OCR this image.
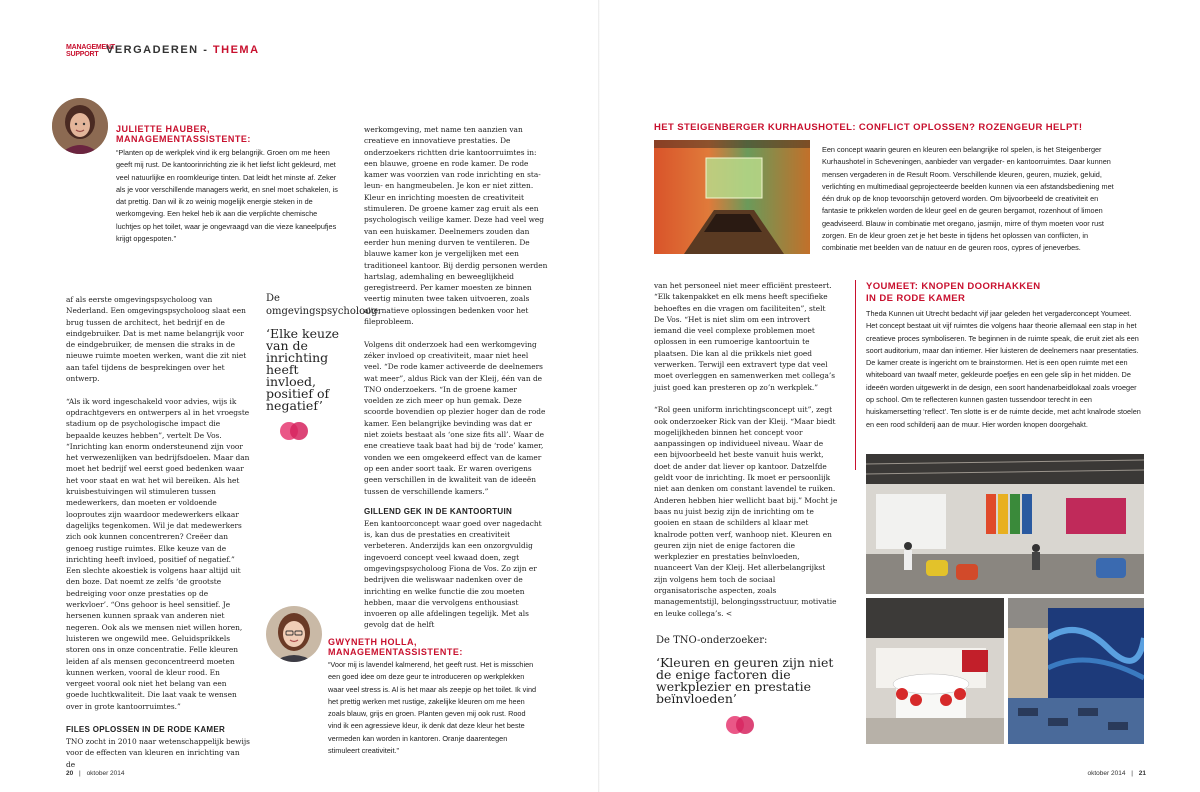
MANAGEMENT
SUPPORT VERGADEREN - THEMA
JULIETTE HAUBER, MANAGEMENTASSISTENTE:
“Planten op de werkplek vind ik erg belangrijk. Groen om me heen geeft mij rust. De kantoorinrichting zie ik het liefst licht gekleurd, met veel natuurlijke en roomkleurige tinten. Dat leidt het minste af. Zeker als je voor verschillende managers werkt, en snel moet schakelen, is dat prettig. Dan wil ik zo weinig mogelijk energie steken in de werkomgeving. Een hekel heb ik aan die verplichte chemische luchtjes op het toilet, waar je ongevraagd van die vieze kaneelpufjes krijgt opgespoten.”
af als eerste omgevingspsycholoog van Nederland. Een omgevingspsycholoog slaat een brug tussen de architect, het bedrijf en de eindgebruiker. Dat is met name belangrijk voor de eindgebruiker, de mensen die straks in de nieuwe ruimte moeten werken, want die zit niet aan tafel tijdens de besprekingen over het ontwerp.

“Als ik word ingeschakeld voor advies, wijs ik opdrachtgevers en ontwerpers al in het vroegste stadium op de psychologische impact die bepaalde keuzes hebben”, vertelt De Vos. “Inrichting kan enorm ondersteunend zijn voor het verwezenlijken van bedrijfsdoelen. Maar dan moet het bedrijf wel eerst goed bedenken waar het voor staat en wat het wil bereiken. Als het kruisbestuivingen wil stimuleren tussen medewerkers, dan moeten er voldoende looproutes zijn waardoor medewerkers elkaar dagelijks tegenkomen. Wil je dat medewerkers zich ook kunnen concentreren? Creëer dan genoeg rustige ruimtes. Elke keuze van de inrichting heeft invloed, positief of negatief.” Een slechte akoestiek is volgens haar altijd uit den boze. Dat noemt ze zelfs ‘de grootste bedreiging voor onze prestaties op de werkvloer’. “Ons gehoor is heel sensitief. Je hersenen kunnen spraak van anderen niet negeren. Ook als we mensen niet willen horen, luisteren we ongewild mee. Geluidsprikkels storen ons in onze concentratie. Felle kleuren leiden af als mensen geconcentreerd moeten kunnen werken, vooral de kleur rood. En vergeet vooral ook niet het belang van een goede luchtkwaliteit. Die laat vaak te wensen over in grote kantoorruimtes.”
FILES OPLOSSEN IN DE RODE KAMER
TNO zocht in 2010 naar wetenschappelijk bewijs voor de effecten van kleuren en inrichting van de
De omgevingspsycholoog:
‘Elke keuze van de inrichting heeft invloed, positief of negatief’
werkomgeving, met name ten aanzien van creatieve en innovatieve prestaties. De onderzoekers richtten drie kantoorruimtes in: een blauwe, groene en rode kamer. De rode kamer was voorzien van rode inrichting en sta- leun- en hangmeubelen. Je kon er niet zitten. Kleur en inrichting moesten de creativiteit stimuleren. De groene kamer zag eruit als een psychologisch veilige kamer. Deze had veel weg van een huiskamer. Deelnemers zouden dan eerder hun mening durven te ventileren. De blauwe kamer kon je vergelijken met een traditioneel kantoor. Bij derdig personen werden hartslag, ademhaling en beweeglijkheid geregistreerd. Per kamer moesten ze binnen veertig minuten twee taken uitvoeren, zoals alternatieve oplossingen bedenken voor het fileprobleem.

Volgens dit onderzoek had een werkomgeving zéker invloed op creativiteit, maar niet heel veel. “De rode kamer activeerde de deelnemers wat meer”, aldus Rick van der Kleij, één van de TNO onderzoekers. “In de groene kamer voelden ze zich meer op hun gemak. Deze scoorde bovendien op plezier hoger dan de rode kamer. Een belangrijke bevinding was dat er niet zoiets bestaat als ‘one size fits all’. Waar de ene creatieve taak baat had bij de ‘rode’ kamer, vonden we een omgekeerd effect van de kamer op een ander soort taak. Er waren overigens geen verschillen in de kwaliteit van de ideeën tussen de verschillende kamers.”
GILLEND GEK IN DE KANTOORTUIN
Een kantoorconcept waar goed over nagedacht is, kan dus de prestaties en creativiteit verbeteren. Anderzijds kan een onzorgvuldig ingevoerd concept veel kwaad doen, zegt omgevingspsycholoog Fiona de Vos. Zo zijn er bedrijven die weliswaar nadenken over de inrichting en welke functie die zou moeten hebben, maar die vervolgens enthousiast invoeren op alle afdelingen tegelijk. Met als gevolg dat de helft
GWYNETH HOLLA, MANAGEMENTASSISTENTE:
“Voor mij is lavendel kalmerend, het geeft rust. Het is misschien een goed idee om deze geur te introduceren op werkplekken waar veel stress is. Al is het maar als zeepje op het toilet. Ik vind het prettig werken met rustige, zakelijke kleuren om me heen zoals blauw, grijs en groen. Planten geven mij ook rust. Rood vind ik een agressieve kleur, ik denk dat deze kleur het beste vermeden kan worden in kantoren. Oranje daarentegen stimuleert creativiteit.”
20 | oktober 2014
HET STEIGENBERGER KURHAUSHOTEL: CONFLICT OPLOSSEN? ROZENGEUR HELPT!
Een concept waarin geuren en kleuren een belangrijke rol spelen, is het Steigenberger Kurhaushotel in Scheveningen, aanbieder van vergader- en kantoorruimtes. Daar kunnen mensen vergaderen in de Result Room. Verschillende kleuren, geuren, muziek, geluid, verlichting en multimediaal geprojecteerde beelden kunnen via een afstandsbediening met één druk op de knop tevoorschijn getoverd worden. Om bijvoorbeeld de creativiteit en fantasie te prikkelen worden de kleur geel en de geuren bergamot, rozenhout of limoen geadviseerd. Blauw in combinatie met oregano, jasmijn, mirre of thym moeten voor rust zorgen. En de kleur groen zet je het beste in tijdens het oplossen van conflicten, in combinatie met beelden van de natuur en de geuren roos, cypres of jeneverbes.
van het personeel niet meer efficiënt presteert. “Elk takenpakket en elk mens heeft specifieke behoeftes en die vragen om faciliteiten”, stelt De Vos. “Het is niet slim om een introvert iemand die veel complexe problemen moet oplossen in een rumoerige kantoortuin te plaatsen. Die kan al die prikkels niet goed verwerken. Terwijl een extravert type dat veel moet overleggen en samenwerken met collega’s juist goed kan presteren op zo’n werkplek.”

“Rol geen uniform inrichtingsconcept uit”, zegt ook onderzoeker Rick van der Kleij. “Maar biedt mogelijkheden binnen het concept voor aanpassingen op individueel niveau. Waar de een bijvoorbeeld het beste vanuit huis werkt, doet de ander dat liever op kantoor. Datzelfde geldt voor de inrichting. Ik moet er persoonlijk niet aan denken om constant lavendel te ruiken. Anderen hebben hier wellicht baat bij.” Mocht je baas nu juist bezig zijn de inrichting om te gooien en staan de schilders al klaar met knalrode potten verf, wanhoop niet. Kleuren en geuren zijn niet de enige factoren die werkplezier en prestaties beïnvloeden, nuanceert Van der Kleij. Het allerbelangrijkst zijn volgens hem toch de sociaal organisatorische aspecten, zoals managementstijl, belongingsstructuur, motivatie en leuke collega’s. <
De TNO-onderzoeker:
‘Kleuren en geuren zijn niet de enige factoren die werkplezier en prestatie beïnvloeden’
YOUMEET: KNOPEN DOORHAKKEN
IN DE RODE KAMER
Theda Kunnen uit Utrecht bedacht vijf jaar geleden het vergaderconcept Youmeet. Het concept bestaat uit vijf ruimtes die volgens haar theorie allemaal een stap in het creatieve proces symboliseren. Te beginnen in de ruimte speak, die eruit ziet als een soort auditorium, maar dan intiemer. Hier luisteren de deelnemers naar presentaties. De kamer create is ingericht om te brainstormen. Het is een open ruimte met een whiteboard van twaalf meter, gekleurde poefjes en een gele slip in het midden. De ideeën worden uitgewerkt in de design, een soort handenarbeidlokaal zoals vroeger op school. Om te reflecteren kunnen gasten tussendoor terecht in een huiskamersetting ‘reflect’. Ten slotte is er de ruimte decide, met acht knalrode stoelen en een rood schilderij aan de muur. Hier worden knopen doorgehakt.
oktober 2014 | 21
